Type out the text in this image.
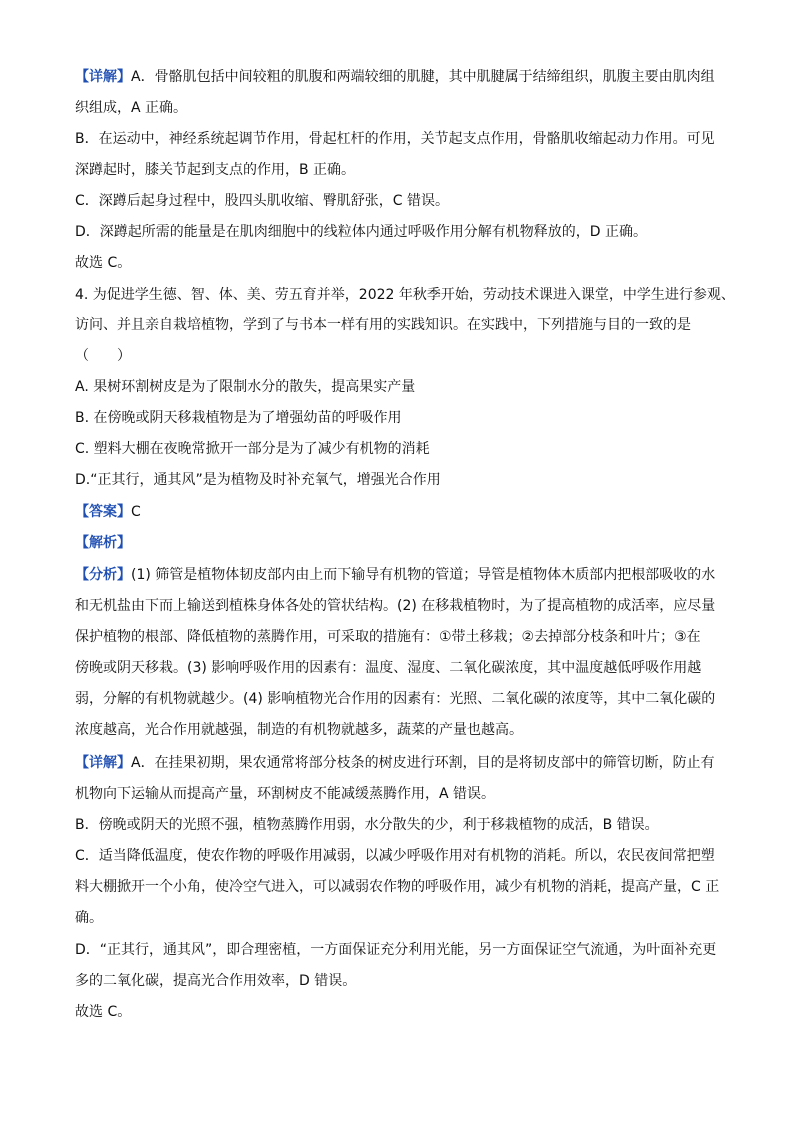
【详解】A．骨骼肌包括中间较粗的肌腹和两端较细的肌腱，其中肌腱属于结缔组织，肌腹主要由肌肉组
织组成，A 正确。
B．在运动中，神经系统起调节作用，骨起杠杆的作用，关节起支点作用，骨骼肌收缩起动力作用。可见
深蹲起时，膝关节起到支点的作用，B 正确。
C．深蹲后起身过程中，股四头肌收缩、臀肌舒张，C 错误。
D．深蹲起所需的能量是在肌肉细胞中的线粒体内通过呼吸作用分解有机物释放的，D 正确。
故选 C。
4. 为促进学生德、智、体、美、劳五育并举，2022 年秋季开始，劳动技术课进入课堂，中学生进行参观、
访问、并且亲自栽培植物，学到了与书本一样有用的实践知识。在实践中，下列措施与目的一致的是
（　　）
A. 果树环割树皮是为了限制水分的散失，提高果实产量
B. 在傍晚或阴天移栽植物是为了增强幼苗的呼吸作用
C. 塑料大棚在夜晚常掀开一部分是为了减少有机物的消耗
D.“正其行，通其风”是为植物及时补充氧气，增强光合作用
【答案】C
【解析】
【分析】(1) 筛管是植物体韧皮部内由上而下输导有机物的管道；导管是植物体木质部内把根部吸收的水
和无机盐由下而上输送到植株身体各处的管状结构。(2) 在移栽植物时，为了提高植物的成活率，应尽量
保护植物的根部、降低植物的蒸腾作用，可采取的措施有：①带土移栽；②去掉部分枝条和叶片；③在
傍晚或阴天移栽。(3) 影响呼吸作用的因素有：温度、湿度、二氧化碳浓度，其中温度越低呼吸作用越
弱，分解的有机物就越少。(4) 影响植物光合作用的因素有：光照、二氧化碳的浓度等，其中二氧化碳的
浓度越高，光合作用就越强，制造的有机物就越多，蔬菜的产量也越高。
【详解】A．在挂果初期，果农通常将部分枝条的树皮进行环割，目的是将韧皮部中的筛管切断，防止有
机物向下运输从而提高产量，环割树皮不能减缓蒸腾作用，A 错误。
B．傍晚或阴天的光照不强，植物蒸腾作用弱，水分散失的少，利于移栽植物的成活，B 错误。
C．适当降低温度，使农作物的呼吸作用减弱，以减少呼吸作用对有机物的消耗。所以，农民夜间常把塑
料大棚掀开一个小角，使冷空气进入，可以减弱农作物的呼吸作用，减少有机物的消耗，提高产量，C 正
确。
D．“正其行，通其风”，即合理密植，一方面保证充分利用光能，另一方面保证空气流通，为叶面补充更
多的二氧化碳，提高光合作用效率，D 错误。
故选 C。
